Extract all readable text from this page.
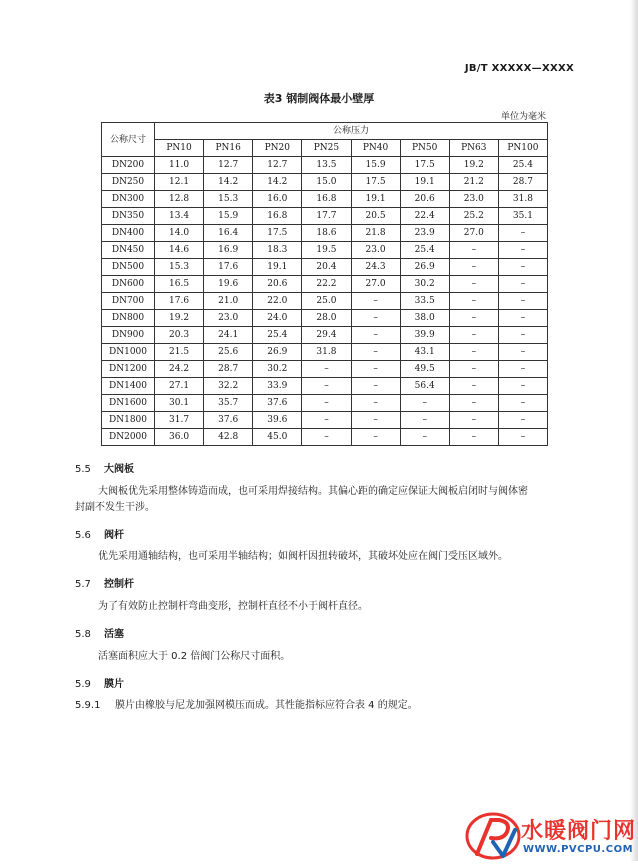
JB/T XXXXX—XXXX
表3 钢制阀体最小壁厚
单位为毫米
公称尺寸	公称压力							
	PN10	PN16	PN20	PN25	PN40	PN50	PN63	PN100
DN200	11.0	12.7	12.7	13.5	15.9	17.5	19.2	25.4
DN250	12.1	14.2	14.2	15.0	17.5	19.1	21.2	28.7
DN300	12.8	15.3	16.0	16.8	19.1	20.6	23.0	31.8
DN350	13.4	15.9	16.8	17.7	20.5	22.4	25.2	35.1
DN400	14.0	16.4	17.5	18.6	21.8	23.9	27.0	–
DN450	14.6	16.9	18.3	19.5	23.0	25.4	–	–
DN500	15.3	17.6	19.1	20.4	24.3	26.9	–	–
DN600	16.5	19.6	20.6	22.2	27.0	30.2	–	–
DN700	17.6	21.0	22.0	25.0	–	33.5	–	–
DN800	19.2	23.0	24.0	28.0	–	38.0	–	–
DN900	20.3	24.1	25.4	29.4	–	39.9	–	–
DN1000	21.5	25.6	26.9	31.8	–	43.1	–	–
DN1200	24.2	28.7	30.2	–	–	49.5	–	–
DN1400	27.1	32.2	33.9	–	–	56.4	–	–
DN1600	30.1	35.7	37.6	–	–	–	–	–
DN1800	31.7	37.6	39.6	–	–	–	–	–
DN2000	36.0	42.8	45.0	–	–	–	–	–
5.5 大阀板
大阀板优先采用整体铸造而成，也可采用焊接结构。其偏心距的确定应保证大阀板启闭时与阀体密
封副不发生干涉。
5.6 阀杆
优先采用通轴结构，也可采用半轴结构；如阀杆因扭转破坏，其破坏处应在阀门受压区域外。
5.7 控制杆
为了有效防止控制杆弯曲变形，控制杆直径不小于阀杆直径。
5.8 活塞
活塞面积应大于 0.2 倍阀门公称尺寸面积。
5.9 膜片
5.9.1 膜片由橡胶与尼龙加强网模压而成。其性能指标应符合表 4 的规定。
水暖阀门网
WWW.PVCPU.COM
